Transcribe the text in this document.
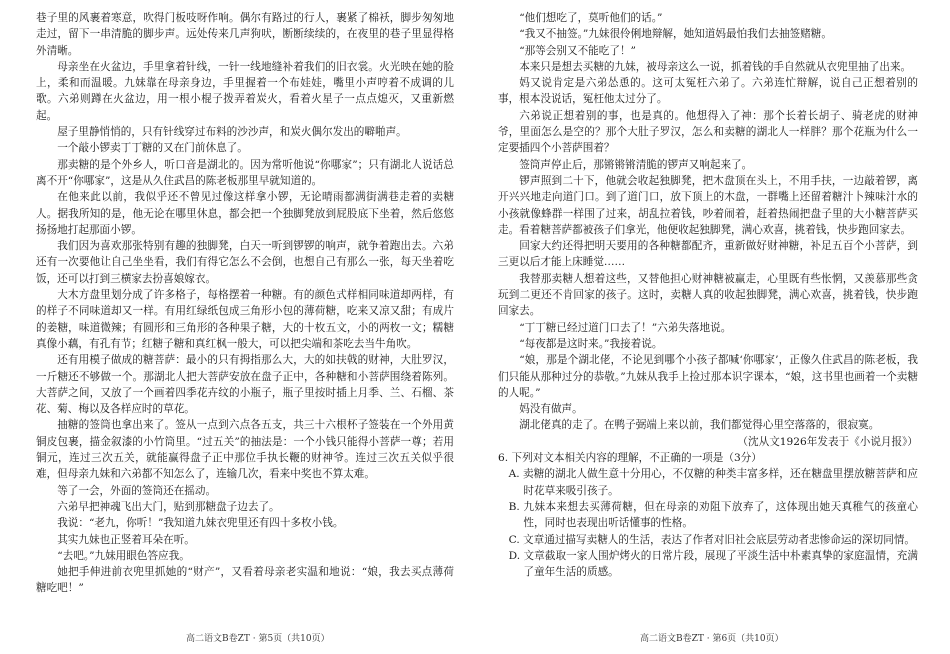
巷子里的风裹着寒意，吹得门板吱呀作响。偶尔有路过的行人，裹紧了棉袄，脚步匆匆地走过，留下一串清脆的脚步声。远处传来几声狗吠，断断续续的，在夜里的巷子里显得格外清晰。

母亲坐在火盆边，手里拿着针线，一针一线地缝补着我们的旧衣裳。火光映在她的脸上，柔和而温暖。九妹靠在母亲身边，手里握着一个布娃娃，嘴里小声哼着不成调的儿歌。六弟则蹲在火盆边，用一根小棍子拨弄着炭火，看着火星子一点点熄灭，又重新燃起。

屋子里静悄悄的，只有针线穿过布料的沙沙声，和炭火偶尔发出的噼啪声。

一个敲小锣卖丁丁糖的又在门前休息了。

那卖糖的是个外乡人，听口音是湖北的。因为常听他说“你哪家”；只有湖北人说话总离不开“你哪家”，这是从久住武昌的陈老板那里早就知道的。

在他来此以前，我似乎还不曾见过像这样拿小锣，无论晴雨都满街满巷走着的卖糖人。据我所知的是，他无论在哪里休息，都会把一个独脚凳放到屁股底下坐着，然后悠悠扬扬地打起那面小锣。

我们因为喜欢那张特别有趣的独脚凳，白天一听到锣锣的响声，就争着跑出去。六弟还有一次要他让自己坐坐看，我们有得它怎么不会倒，也想自己有那么一张，每天坐着吃饭，还可以打到三横家去扮喜娘嫁衣。

大木方盘里划分成了许多格子，每格摆着一种糖。有的颜色式样相同味道却两样，有的样子不同味道却又一样。有用红绿纸包成三角形小包的薄荷糖，吃来又凉又甜；有成片的姜糖，味道微辣；有圆形和三角形的各种果子糖，大的十枚五文，小的两枚一文；糯糖真像小藕，有孔有节；红糖子糖和真红枫一般大，可以把尖端和茶吃去当牛角吹。

还有用模子做成的糖菩萨：最小的只有拇指那么大，大的如扶戟的财神，大肚罗汉，一斤糖还不够做一个。那湖北人把大菩萨安放在盘子正中，各种糖和小菩萨围绕着陈列。大菩萨之间，又放了一个画着四季花卉纹的小瓶子，瓶子里按时插上月季、兰、石榴、茶花、菊、梅以及各样应时的草花。

抽糖的签筒也拿出来了。签从一点到六点各五支，共三十六根杯子签装在一个外用黄铜皮包裹，描金叙漆的小竹筒里。“过五关”的抽法是：一个小钱只能得小菩萨一尊；若用铜元，连过三次五关，就能赢得盘子正中那位手执长鞭的财神爷。连过三次五关似乎很难，但母亲九妹和六弟都不知怎么了，连输几次，看来中奖也不算太难。

等了一会，外面的签筒还在摇动。

六弟早把神魂飞出大门，贴到那糖盘子边去了。

我说：“老九，你听！”我知道九妹衣兜里还有四十多枚小钱。

其实九妹也正竖着耳朵在听。

“去吧。”九妹用眼色答应我。

她把手伸进前衣兜里抓她的“财产”，又看着母亲老实温和地说：“娘，我去买点薄荷糖吃吧！”

“他们想吃了，莫听他们的话。”

“我又不抽签。”九妹很伶俐地辩解，她知道妈最怕我们去抽签赌糖。

“那等会别又不能吃了！”

本来只是想去买糖的九妹，被母亲这么一说，抓着钱的手自然就从衣兜里抽了出来。

妈又说肯定是六弟怂恿的。这可太冤枉六弟了。六弟连忙辩解，说自己正想着别的事，根本没说话，冤枉他太过分了。

六弟说正想着别的事，也是真的。他想得入了神：那个长着长胡子、骑老虎的财神爷，里面怎么是空的？那个大肚子罗汉，怎么和卖糖的湖北人一样胖？那个花瓶为什么一定要插四个小菩萨围着？

签筒声停止后，那锵锵锵清脆的锣声又响起来了。

锣声照到二十下，他就会收起独脚凳，把木盘顶在头上，不用手扶，一边敲着锣，离开兴兴地走向道门口。到了道门口，放下顶上的木盘，一群嘴上还留着糖汁卜辣味汁水的小孩就像蜂群一样围了过来，胡乱拉着钱，吵着闹着，赶着热闹把盘子里的大小糖菩萨买走。看着糖菩萨都被孩子们拿光，他便收起独脚凳，满心欢喜，挑着钱，快步跑回家去。

回家大约还得把明天要用的各种糖都配齐，重新做好财神糖，补足五百个小菩萨，到三更以后才能上床睡觉……

我替那卖糖人想着这些，又替他担心财神糖被赢走，心里既有些怅惘，又羡慕那些贪玩到二更还不肯回家的孩子。这时，卖糖人真的收起独脚凳，满心欢喜，挑着钱，快步跑回家去。

“丁丁糖已经过道门口去了！”六弟失落地说。

“每夜都是这时来。”我接着说。

“娘，那是个湖北佬，不论见到哪个小孩子都喊‘你哪家’，正像久住武昌的陈老板，我们只能从那种过分的恭敬。”九妹从我手上捡过那本识字课本，“娘，这书里也画着一个卖糖的人呢。”

妈没有做声。

湖北佬真的走了。在鸭子弼端上来以前，我们都觉得心里空落落的，很寂寞。

（沈从文1926年发表于《小说月报》）

6. 下列对文本相关内容的理解，不正确的一项是（3分）

A. 卖糖的湖北人做生意十分用心，不仅糖的种类丰富多样，还在糖盘里摆放糖菩萨和应时花草来吸引孩子。

B. 九妹本来想去买薄荷糖，但在母亲的劝阻下放弃了，这体现出她天真稚气的孩童心性，同时也表现出听话懂事的性格。

C. 文章通过描写卖糖人的生活，表达了作者对旧社会底层劳动者悲惨命运的深切同情。

D. 文章截取一家人围炉烤火的日常片段，展现了平淡生活中朴素真挚的家庭温情，充满了童年生活的质感。

高二语文B卷ZT · 第5页（共10页）	高二语文B卷ZT · 第6页（共10页）
